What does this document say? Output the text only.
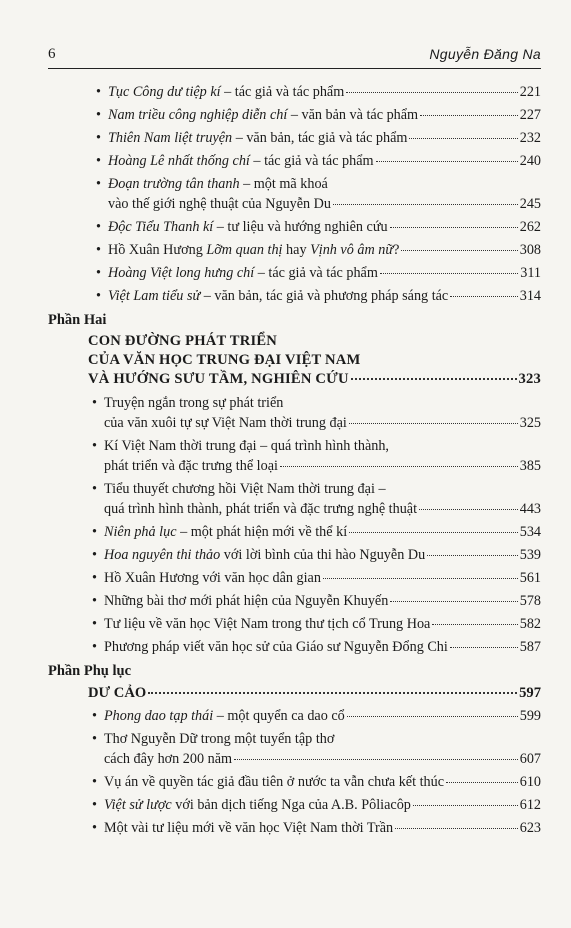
6	Nguyễn Đăng Na
• Tục Công dư tiệp kí – tác giả và tác phẩm	221
• Nam triều công nghiệp diễn chí – văn bản và tác phẩm	227
• Thiên Nam liệt truyện – văn bản, tác giả và tác phẩm	232
• Hoàng Lê nhất thống chí – tác giả và tác phẩm	240
• Đoạn trường tân thanh – một mã khoá
vào thế giới nghệ thuật của Nguyễn Du	245
• Độc Tiểu Thanh kí – tư liệu và hướng nghiên cứu	262
• Hồ Xuân Hương Lỡm quan thị hay Vịnh vô âm nữ?	308
• Hoàng Việt long hưng chí – tác giả và tác phẩm	311
• Việt Lam tiểu sử – văn bản, tác giả và phương pháp sáng tác	314
Phần Hai
CON ĐƯỜNG PHÁT TRIỂN
CỦA VĂN HỌC TRUNG ĐẠI VIỆT NAM
VÀ HƯỚNG SƯU TẦM, NGHIÊN CỨU	323
• Truyện ngắn trong sự phát triển
của văn xuôi tự sự Việt Nam thời trung đại	325
• Kí Việt Nam thời trung đại – quá trình hình thành,
phát triển và đặc trưng thể loại	385
• Tiểu thuyết chương hồi Việt Nam thời trung đại –
quá trình hình thành, phát triển và đặc trưng nghệ thuật	443
• Niên phả lục – một phát hiện mới về thể kí	534
• Hoa nguyên thi thảo với lời bình của thi hào Nguyễn Du	539
• Hồ Xuân Hương với văn học dân gian	561
• Những bài thơ mới phát hiện của Nguyễn Khuyến	578
• Tư liệu về văn học Việt Nam trong thư tịch cổ Trung Hoa	582
• Phương pháp viết văn học sử của Giáo sư Nguyễn Đổng Chi	587
Phần Phụ lục
DƯ CẢO	597
• Phong dao tạp thái – một quyển ca dao cổ	599
• Thơ Nguyễn Dữ trong một tuyển tập thơ
cách đây hơn 200 năm	607
• Vụ án về quyền tác giả đầu tiên ở nước ta vẫn chưa kết thúc	610
• Việt sử lược với bản dịch tiếng Nga của A.B. Pôliacôp	612
• Một vài tư liệu mới về văn học Việt Nam thời Trần	623
